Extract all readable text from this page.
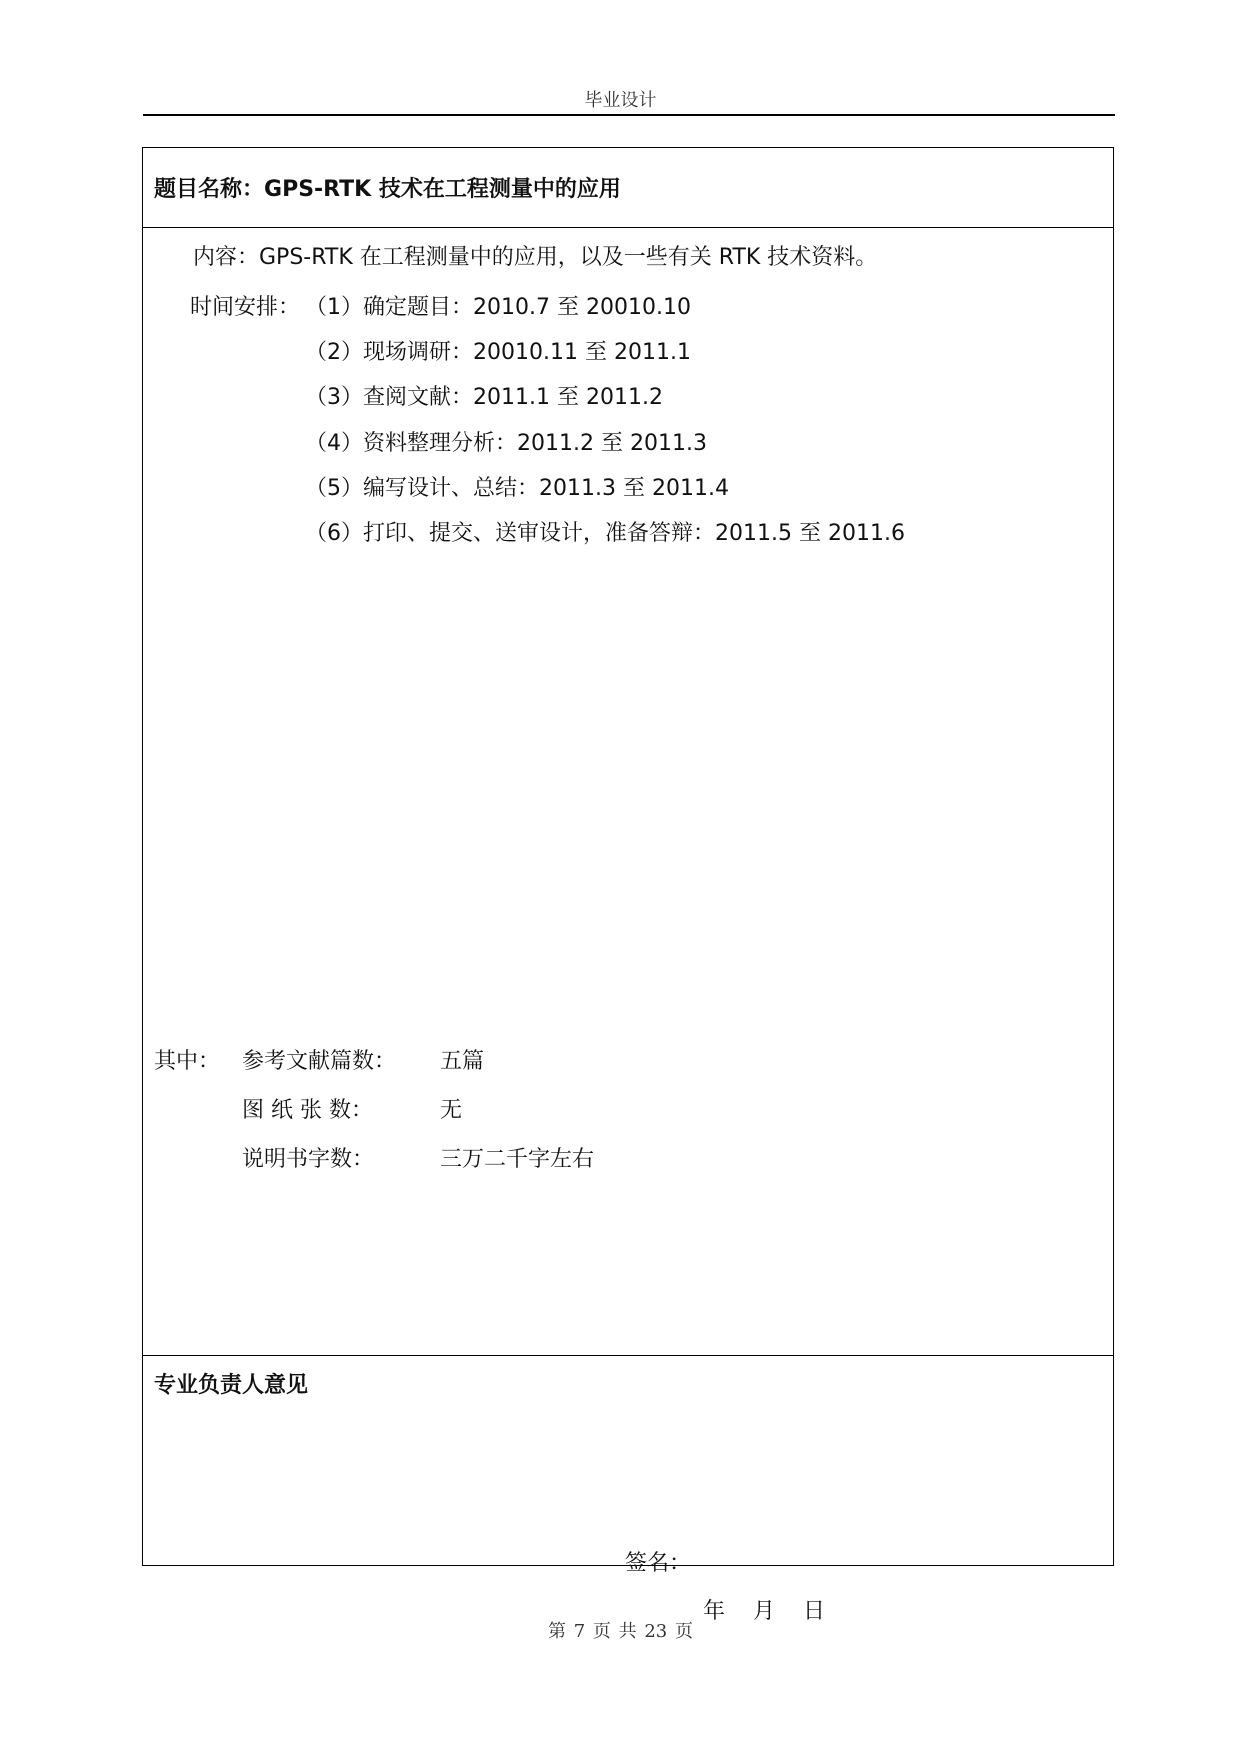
毕业设计
题目名称：GPS-RTK 技术在工程测量中的应用
内容：GPS-RTK 在工程测量中的应用，以及一些有关 RTK 技术资料。
时间安排： （1）确定题目：2010.7 至 20010.10
（2）现场调研：20010.11 至 2011.1
（3）查阅文献：2011.1 至 2011.2
（4）资料整理分析：2011.2 至 2011.3
（5）编写设计、总结：2011.3 至 2011.4
（6）打印、提交、送审设计，准备答辩：2011.5 至 2011.6
其中： 参考文献篇数： 五篇
图 纸 张 数：	无
说明书字数：	三万二千字左右
专业负责人意见
签名：
年    月    日
第 7 页 共 23 页
